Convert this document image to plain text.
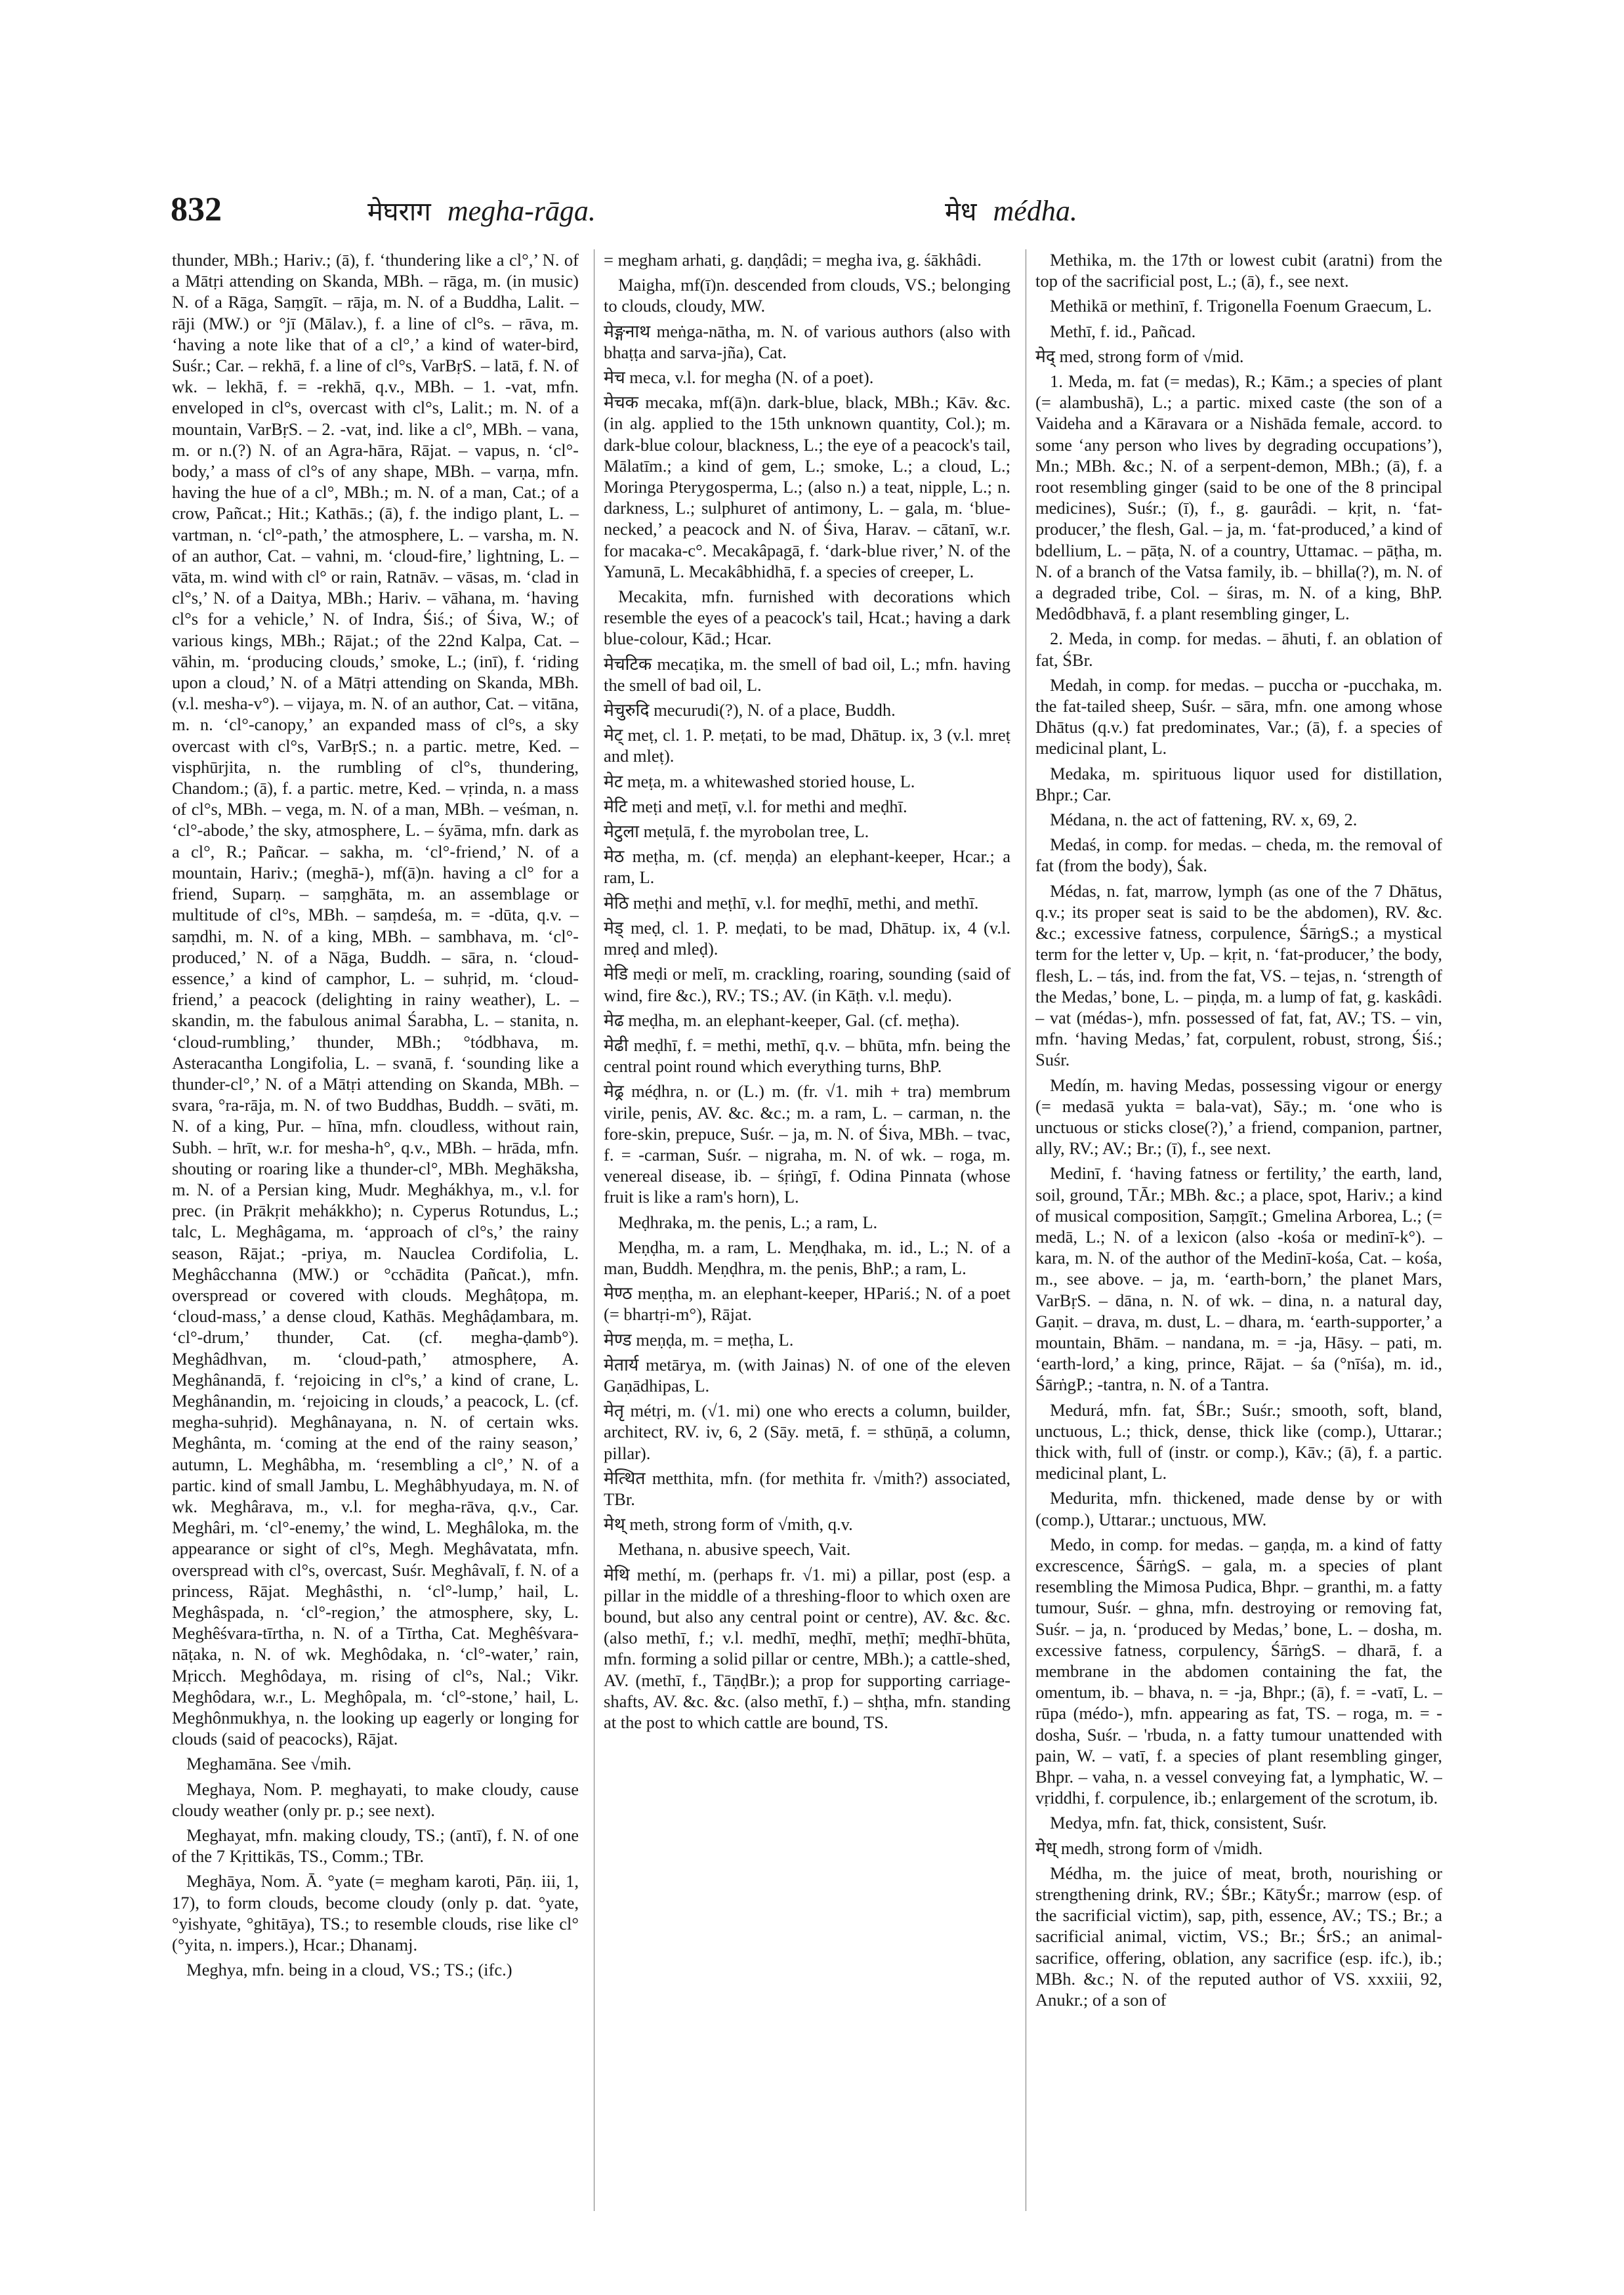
832	मेघराग megha-rāga.	मेध médha.

thunder, MBh.; Hariv.; (ā), f. ‘thundering like a cl°,’ N. of a Mātṛi attending on Skanda, MBh. – rāga, m. (in music) N. of a Rāga, Saṃgīt. – rāja, m. N. of a Buddha, Lalit. – rāji (MW.) or °jī (Mālav.), f. a line of cl°s. – rāva, m. ‘having a note like that of a cl°,’ a kind of water-bird, Suśr.; Car. – rekhā, f. a line of cl°s, VarBṛS. – latā, f. N. of wk. – lekhā, f. = -rekhā, q.v., MBh. – 1. -vat, mfn. enveloped in cl°s, overcast with cl°s, Lalit.; m. N. of a mountain, VarBṛS. – 2. -vat, ind. like a cl°, MBh. – vana, m. or n.(?) N. of an Agra-hāra, Rājat. – vapus, n. ‘cl°-body,’ a mass of cl°s of any shape, MBh. – varṇa, mfn. having the hue of a cl°, MBh.; m. N. of a man, Cat.; of a crow, Pañcat.; Hit.; Kathās.; (ā), f. the indigo plant, L. – vartman, n. ‘cl°-path,’ the atmosphere, L. – varsha, m. N. of an author, Cat. – vahni, m. ‘cloud-fire,’ lightning, L. – vāta, m. wind with cl° or rain, Ratnāv. – vāsas, m. ‘clad in cl°s,’ N. of a Daitya, MBh.; Hariv. – vāhana, m. ‘having cl°s for a vehicle,’ N. of Indra, Śiś.; of Śiva, W.; of various kings, MBh.; Rājat.; of the 22nd Kalpa, Cat. – vāhin, m. ‘producing clouds,’ smoke, L.; (inī), f. ‘riding upon a cloud,’ N. of a Mātṛi attending on Skanda, MBh. (v.l. mesha-v°). – vijaya, m. N. of an author, Cat. – vitāna, m. n. ‘cl°-canopy,’ an expanded mass of cl°s, a sky overcast with cl°s, VarBṛS.; n. a partic. metre, Ked. – visphūrjita, n. the rumbling of cl°s, thundering, Chandom.; (ā), f. a partic. metre, Ked. – vṛinda, n. a mass of cl°s, MBh. – vega, m. N. of a man, MBh. – veśman, n. ‘cl°-abode,’ the sky, atmosphere, L. – śyāma, mfn. dark as a cl°, R.; Pañcar. – sakha, m. ‘cl°-friend,’ N. of a mountain, Hariv.; (meghā-), mf(ā)n. having a cl° for a friend, Suparṇ. – saṃghāta, m. an assemblage or multitude of cl°s, MBh. – saṃdeśa, m. = -dūta, q.v. – saṃdhi, m. N. of a king, MBh. – sambhava, m. ‘cl°-produced,’ N. of a Nāga, Buddh. – sāra, n. ‘cloud-essence,’ a kind of camphor, L. – suhṛid, m. ‘cloud-friend,’ a peacock (delighting in rainy weather), L. – skandin, m. the fabulous animal Śarabha, L. – stanita, n. ‘cloud-rumbling,’ thunder, MBh.; °tódbhava, m. Asteracantha Longifolia, L. – svanā, f. ‘sounding like a thunder-cl°,’ N. of a Mātṛi attending on Skanda, MBh. – svara, °ra-rāja, m. N. of two Buddhas, Buddh. – svāti, m. N. of a king, Pur. – hīna, mfn. cloudless, without rain, Subh. – hrīt, w.r. for mesha-h°, q.v., MBh. – hrāda, mfn. shouting or roaring like a thunder-cl°, MBh. Meghāksha, m. N. of a Persian king, Mudr. Meghákhya, m., v.l. for prec. (in Prākṛit mehákkho); n. Cyperus Rotundus, L.; talc, L. Meghâgama, m. ‘approach of cl°s,’ the rainy season, Rājat.; -priya, m. Nauclea Cordifolia, L. Meghâcchanna (MW.) or °cchādita (Pañcat.), mfn. overspread or covered with clouds. Meghâṭopa, m. ‘cloud-mass,’ a dense cloud, Kathās. Meghâḍambara, m. ‘cl°-drum,’ thunder, Cat. (cf. megha-ḍamb°). Meghâdhvan, m. ‘cloud-path,’ atmosphere, A. Meghânandā, f. ‘rejoicing in cl°s,’ a kind of crane, L. Meghânandin, m. ‘rejoicing in clouds,’ a peacock, L. (cf. megha-suhṛid). Meghânayana, n. N. of certain wks. Meghânta, m. ‘coming at the end of the rainy season,’ autumn, L. Meghâbha, m. ‘resembling a cl°,’ N. of a partic. kind of small Jambu, L. Meghâbhyudaya, m. N. of wk. Meghârava, m., v.l. for megha-rāva, q.v., Car. Meghâri, m. ‘cl°-enemy,’ the wind, L. Meghâloka, m. the appearance or sight of cl°s, Megh. Meghâvatata, mfn. overspread with cl°s, overcast, Suśr. Meghâvalī, f. N. of a princess, Rājat. Meghâsthi, n. ‘cl°-lump,’ hail, L. Meghâspada, n. ‘cl°-region,’ the atmosphere, sky, L. Meghêśvara-tīrtha, n. N. of a Tīrtha, Cat. Meghêśvara-nāṭaka, n. N. of wk. Meghôdaka, n. ‘cl°-water,’ rain, Mṛicch. Meghôdaya, m. rising of cl°s, Nal.; Vikr. Meghôdara, w.r., L. Meghôpala, m. ‘cl°-stone,’ hail, L. Meghônmukhya, n. the looking up eagerly or longing for clouds (said of peacocks), Rājat.

Meghamāna. See √mih.

Meghaya, Nom. P. meghayati, to make cloudy, cause cloudy weather (only pr. p.; see next).

Meghayat, mfn. making cloudy, TS.; (antī), f. N. of one of the 7 Kṛittikās, TS., Comm.; TBr.

Meghāya, Nom. Ā. °yate (= megham karoti, Pāṇ. iii, 1, 17), to form clouds, become cloudy (only p. dat. °yate, °yishyate, °ghitāya), TS.; to resemble clouds, rise like cl°(°yita, n. impers.), Hcar.; Dhanamj.

Meghya, mfn. being in a cloud, VS.; TS.; (ifc.)

= megham arhati, g. daṇḍâdi; = megha iva, g. śākhâdi.

Maigha, mf(ī)n. descended from clouds, VS.; belonging to clouds, cloudy, MW.

मेङ्गनाथ meṅga-nātha, m. N. of various authors (also with bhaṭṭa and sarva-jña), Cat.

मेच meca, v.l. for megha (N. of a poet).

मेचक mecaka, mf(ā)n. dark-blue, black, MBh.; Kāv. &c. (in alg. applied to the 15th unknown quantity, Col.); m. dark-blue colour, blackness, L.; the eye of a peacock's tail, Mālatīm.; a kind of gem, L.; smoke, L.; a cloud, L.; Moringa Pterygosperma, L.; (also n.) a teat, nipple, L.; n. darkness, L.; sulphuret of antimony, L. – gala, m. ‘blue-necked,’ a peacock and N. of Śiva, Harav. – cātanī, w.r. for macaka-c°. Mecakâpagā, f. ‘dark-blue river,’ N. of the Yamunā, L. Mecakâbhidhā, f. a species of creeper, L.

Mecakita, mfn. furnished with decorations which resemble the eyes of a peacock's tail, Hcat.; having a dark blue-colour, Kād.; Hcar.

मेचटिक mecaṭika, m. the smell of bad oil, L.; mfn. having the smell of bad oil, L.

मेचुरुदि mecurudi(?), N. of a place, Buddh.

मेट् meṭ, cl. 1. P. meṭati, to be mad, Dhātup. ix, 3 (v.l. mreṭ and mleṭ).

मेट meṭa, m. a whitewashed storied house, L.

मेटि meṭi and meṭī, v.l. for methi and meḍhī.

मेटुला meṭulā, f. the myrobolan tree, L.

मेठ meṭha, m. (cf. meṇḍa) an elephant-keeper, Hcar.; a ram, L.

मेठि meṭhi and meṭhī, v.l. for meḍhī, methi, and methī.

मेड् meḍ, cl. 1. P. meḍati, to be mad, Dhātup. ix, 4 (v.l. mreḍ and mleḍ).

मेडि meḍi or melī, m. crackling, roaring, sounding (said of wind, fire &c.), RV.; TS.; AV. (in Kāṭh. v.l. meḍu).

मेढ meḍha, m. an elephant-keeper, Gal. (cf. meṭha).

मेढी meḍhī, f. = methi, methī, q.v. – bhūta, mfn. being the central point round which everything turns, BhP.

मेढ्र méḍhra, n. or (L.) m. (fr. √1. mih + tra) membrum virile, penis, AV. &c. &c.; m. a ram, L. – carman, n. the fore-skin, prepuce, Suśr. – ja, m. N. of Śiva, MBh. – tvac, f. = -carman, Suśr. – nigraha, m. N. of wk. – roga, m. venereal disease, ib. – śṛiṅgī, f. Odina Pinnata (whose fruit is like a ram's horn), L.

Meḍhraka, m. the penis, L.; a ram, L.

Meṇḍha, m. a ram, L. Meṇḍhaka, m. id., L.; N. of a man, Buddh. Meṇḍhra, m. the penis, BhP.; a ram, L.

मेण्ठ meṇṭha, m. an elephant-keeper, HPariś.; N. of a poet (= bhartṛi-m°), Rājat.

मेण्ड meṇḍa, m. = meṭha, L.

मेतार्य metārya, m. (with Jainas) N. of one of the eleven Gaṇādhipas, L.

मेतृ métṛi, m. (√1. mi) one who erects a column, builder, architect, RV. iv, 6, 2 (Sāy. metā, f. = sthūṇā, a column, pillar).

मेत्थित metthita, mfn. (for methita fr. √mith?) associated, TBr.

मेथ् meth, strong form of √mith, q.v.

Methana, n. abusive speech, Vait.

मेथि methí, m. (perhaps fr. √1. mi) a pillar, post (esp. a pillar in the middle of a threshing-floor to which oxen are bound, but also any central point or centre), AV. &c. &c. (also methī, f.; v.l. medhī, meḍhī, meṭhī; meḍhī-bhūta, mfn. forming a solid pillar or centre, MBh.); a cattle-shed, AV. (methī, f., TāṇḍBr.); a prop for supporting carriage-shafts, AV. &c. &c. (also methī, f.) – shṭha, mfn. standing at the post to which cattle are bound, TS.

Methika, m. the 17th or lowest cubit (aratni) from the top of the sacrificial post, L.; (ā), f., see next.

Methikā or methinī, f. Trigonella Foenum Graecum, L.

Methī, f. id., Pañcad.

मेद् med, strong form of √mid.

1. Meda, m. fat (= medas), R.; Kām.; a species of plant (= alambushā), L.; a partic. mixed caste (the son of a Vaideha and a Kāravara or a Nishāda female, accord. to some ‘any person who lives by degrading occupations’), Mn.; MBh. &c.; N. of a serpent-demon, MBh.; (ā), f. a root resembling ginger (said to be one of the 8 principal medicines), Suśr.; (ī), f., g. gaurâdi. – kṛit, n. ‘fat-producer,’ the flesh, Gal. – ja, m. ‘fat-produced,’ a kind of bdellium, L. – pāṭa, N. of a country, Uttamac. – pāṭha, m. N. of a branch of the Vatsa family, ib. – bhilla(?), m. N. of a degraded tribe, Col. – śiras, m. N. of a king, BhP. Medôdbhavā, f. a plant resembling ginger, L.

2. Meda, in comp. for medas. – āhuti, f. an oblation of fat, ŚBr.

Medah, in comp. for medas. – puccha or -pucchaka, m. the fat-tailed sheep, Suśr. – sāra, mfn. one among whose Dhātus (q.v.) fat predominates, Var.; (ā), f. a species of medicinal plant, L.

Medaka, m. spirituous liquor used for distillation, Bhpr.; Car.

Médana, n. the act of fattening, RV. x, 69, 2.

Medaś, in comp. for medas. – cheda, m. the removal of fat (from the body), Śak.

Médas, n. fat, marrow, lymph (as one of the 7 Dhātus, q.v.; its proper seat is said to be the abdomen), RV. &c. &c.; excessive fatness, corpulence, ŚārṅgS.; a mystical term for the letter v, Up. – kṛit, n. ‘fat-producer,’ the body, flesh, L. – tás, ind. from the fat, VS. – tejas, n. ‘strength of the Medas,’ bone, L. – piṇḍa, m. a lump of fat, g. kaskâdi. – vat (médas-), mfn. possessed of fat, fat, AV.; TS. – vin, mfn. ‘having Medas,’ fat, corpulent, robust, strong, Śiś.; Suśr.

Medín, m. having Medas, possessing vigour or energy (= medasā yukta = bala-vat), Sāy.; m. ‘one who is unctuous or sticks close(?),’ a friend, companion, partner, ally, RV.; AV.; Br.; (ī), f., see next.

Medinī, f. ‘having fatness or fertility,’ the earth, land, soil, ground, TĀr.; MBh. &c.; a place, spot, Hariv.; a kind of musical composition, Saṃgīt.; Gmelina Arborea, L.; (= medā, L.; N. of a lexicon (also -kośa or medinī-k°). – kara, m. N. of the author of the Medinī-kośa, Cat. – kośa, m., see above. – ja, m. ‘earth-born,’ the planet Mars, VarBṛS. – dāna, n. N. of wk. – dina, n. a natural day, Gaṇit. – drava, m. dust, L. – dhara, m. ‘earth-supporter,’ a mountain, Bhām. – nandana, m. = -ja, Hāsy. – pati, m. ‘earth-lord,’ a king, prince, Rājat. – śa (°nīśa), m. id., ŚārṅgP.; -tantra, n. N. of a Tantra.

Medurá, mfn. fat, ŚBr.; Suśr.; smooth, soft, bland, unctuous, L.; thick, dense, thick like (comp.), Uttarar.; thick with, full of (instr. or comp.), Kāv.; (ā), f. a partic. medicinal plant, L.

Medurita, mfn. thickened, made dense by or with (comp.), Uttarar.; unctuous, MW.

Medo, in comp. for medas. – gaṇḍa, m. a kind of fatty excrescence, ŚārṅgS. – gala, m. a species of plant resembling the Mimosa Pudica, Bhpr. – granthi, m. a fatty tumour, Suśr. – ghna, mfn. destroying or removing fat, Suśr. – ja, n. ‘produced by Medas,’ bone, L. – dosha, m. excessive fatness, corpulency, ŚārṅgS. – dharā, f. a membrane in the abdomen containing the fat, the omentum, ib. – bhava, n. = -ja, Bhpr.; (ā), f. = -vatī, L. – rūpa (médo-), mfn. appearing as fat, TS. – roga, m. = -dosha, Suśr. – 'rbuda, n. a fatty tumour unattended with pain, W. – vatī, f. a species of plant resembling ginger, Bhpr. – vaha, n. a vessel conveying fat, a lymphatic, W. – vṛiddhi, f. corpulence, ib.; enlargement of the scrotum, ib.

Medya, mfn. fat, thick, consistent, Suśr.

मेध् medh, strong form of √midh.

Médha, m. the juice of meat, broth, nourishing or strengthening drink, RV.; ŚBr.; KātyŚr.; marrow (esp. of the sacrificial victim), sap, pith, essence, AV.; TS.; Br.; a sacrificial animal, victim, VS.; Br.; ŚrS.; an animal-sacrifice, offering, oblation, any sacrifice (esp. ifc.), ib.; MBh. &c.; N. of the reputed author of VS. xxxiii, 92, Anukr.; of a son of
